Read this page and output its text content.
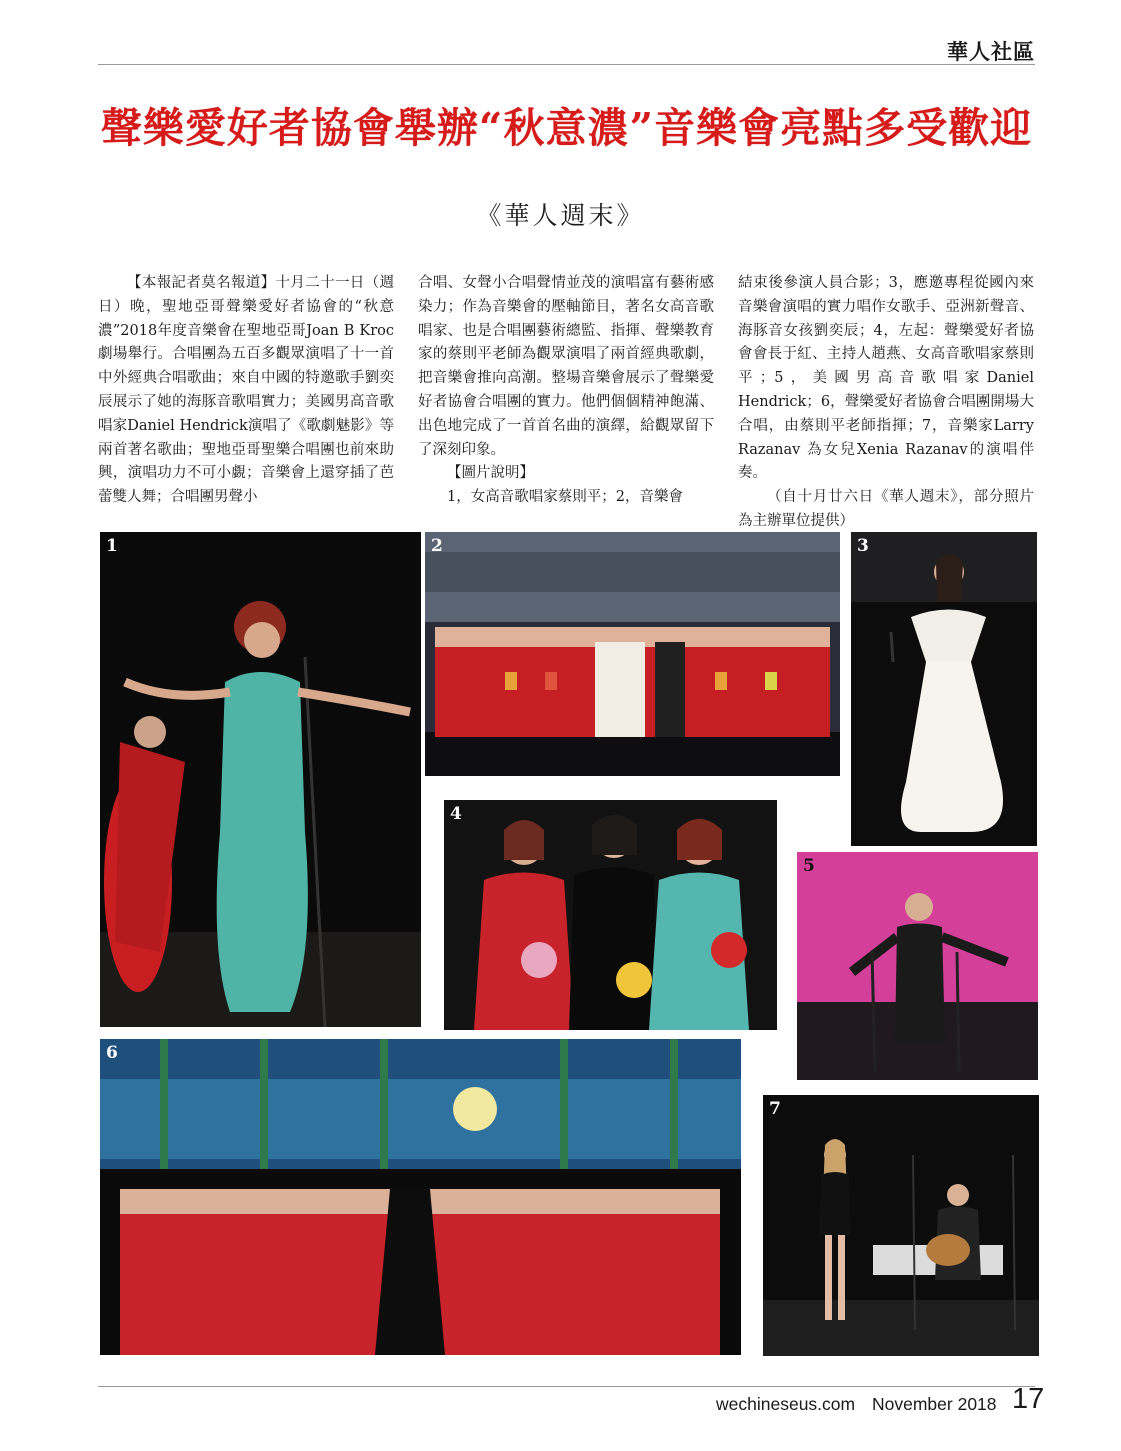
華人社區
聲樂愛好者協會舉辦“秋意濃”音樂會亮點多受歡迎
《華人週末》

【本報記者莫名報道】十月二十一日（週日）晚，聖地亞哥聲樂愛好者協會的“秋意濃”2018年度音樂會在聖地亞哥Joan B Kroc 劇場舉行。合唱團為五百多觀眾演唱了十一首中外經典合唱歌曲；來自中國的特邀歌手劉奕辰展示了她的海豚音歌唱實力；美國男高音歌唱家Daniel Hendrick演唱了《歌劇魅影》等兩首著名歌曲；聖地亞哥聖樂合唱團也前來助興，演唱功力不可小覷；音樂會上還穿插了芭蕾雙人舞；合唱團男聲小

合唱、女聲小合唱聲情並茂的演唱富有藝術感染力；作為音樂會的壓軸節目，著名女高音歌唱家、也是合唱團藝術總監、指揮、聲樂教育家的蔡則平老師為觀眾演唱了兩首經典歌劇，把音樂會推向高潮。整場音樂會展示了聲樂愛好者協會合唱團的實力。他們個個精神飽滿、出色地完成了一首首名曲的演繹，給觀眾留下了深刻印象。

【圖片說明】

1，女高音歌唱家蔡則平；2，音樂會

結束後參演人員合影；3，應邀專程從國內來音樂會演唱的實力唱作女歌手、亞洲新聲音、海豚音女孩劉奕辰；4，左起：聲樂愛好者協會會長于紅、主持人趙燕、女高音歌唱家蔡則平；5，美國男高音歌唱家Daniel Hendrick；6，聲樂愛好者協會合唱團開場大合唱，由蔡則平老師指揮；7，音樂家Larry Razanav 為女兒Xenia Razanav的演唱伴奏。

（自十月廿六日《華人週末》，部分照片為主辦單位提供）

1	2	3
4
5
6
7
wechineseus.com November 2018 17
